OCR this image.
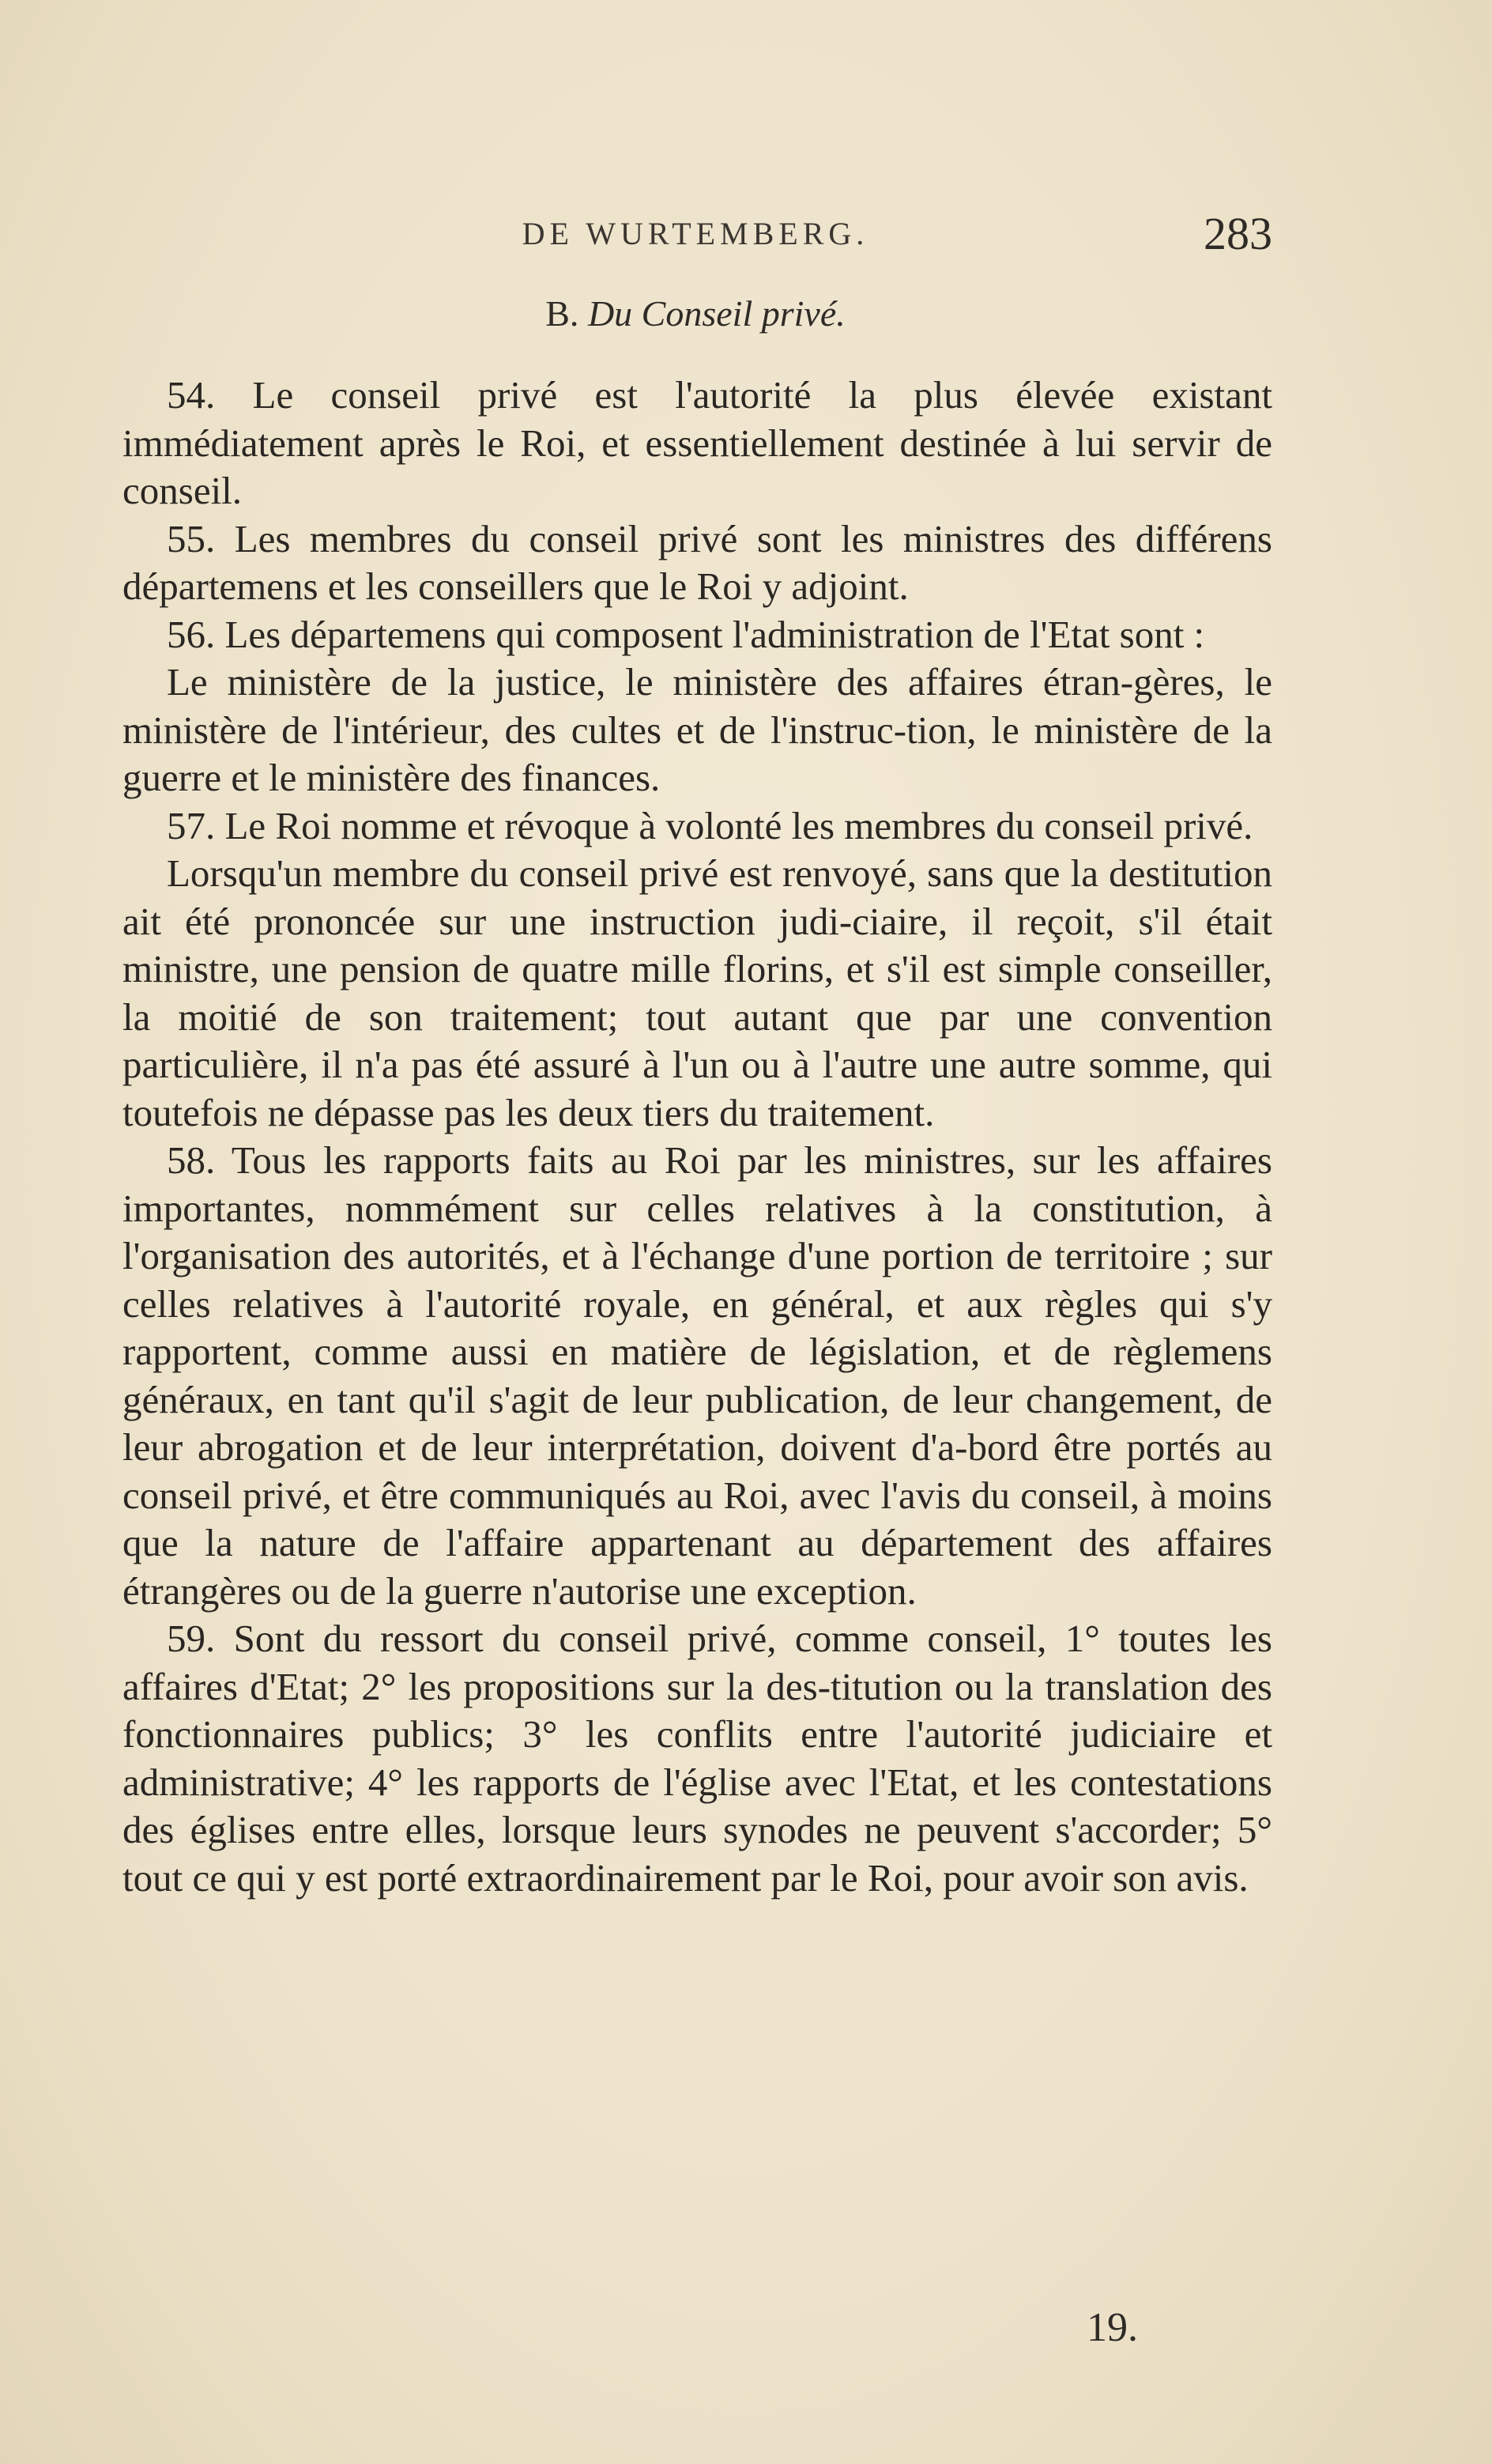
DE WURTEMBERG.	283
B. Du Conseil privé.

54. Le conseil privé est l'autorité la plus élevée existant immédiatement après le Roi, et essentiellement destinée à lui servir de conseil.

55. Les membres du conseil privé sont les ministres des différens départemens et les conseillers que le Roi y adjoint.

56. Les départemens qui composent l'administration de l'Etat sont :

Le ministère de la justice, le ministère des affaires étran-gères, le ministère de l'intérieur, des cultes et de l'instruc-tion, le ministère de la guerre et le ministère des finances.

57. Le Roi nomme et révoque à volonté les membres du conseil privé.

Lorsqu'un membre du conseil privé est renvoyé, sans que la destitution ait été prononcée sur une instruction judi-ciaire, il reçoit, s'il était ministre, une pension de quatre mille florins, et s'il est simple conseiller, la moitié de son traitement; tout autant que par une convention particulière, il n'a pas été assuré à l'un ou à l'autre une autre somme, qui toutefois ne dépasse pas les deux tiers du traitement.

58. Tous les rapports faits au Roi par les ministres, sur les affaires importantes, nommément sur celles relatives à la constitution, à l'organisation des autorités, et à l'échange d'une portion de territoire ; sur celles relatives à l'autorité royale, en général, et aux règles qui s'y rapportent, comme aussi en matière de législation, et de règlemens généraux, en tant qu'il s'agit de leur publication, de leur changement, de leur abrogation et de leur interprétation, doivent d'a-bord être portés au conseil privé, et être communiqués au Roi, avec l'avis du conseil, à moins que la nature de l'affaire appartenant au département des affaires étrangères ou de la guerre n'autorise une exception.

59. Sont du ressort du conseil privé, comme conseil, 1° toutes les affaires d'Etat; 2° les propositions sur la des-titution ou la translation des fonctionnaires publics; 3° les conflits entre l'autorité judiciaire et administrative; 4° les rapports de l'église avec l'Etat, et les contestations des églises entre elles, lorsque leurs synodes ne peuvent s'accorder; 5° tout ce qui y est porté extraordinairement par le Roi, pour avoir son avis.

19.
